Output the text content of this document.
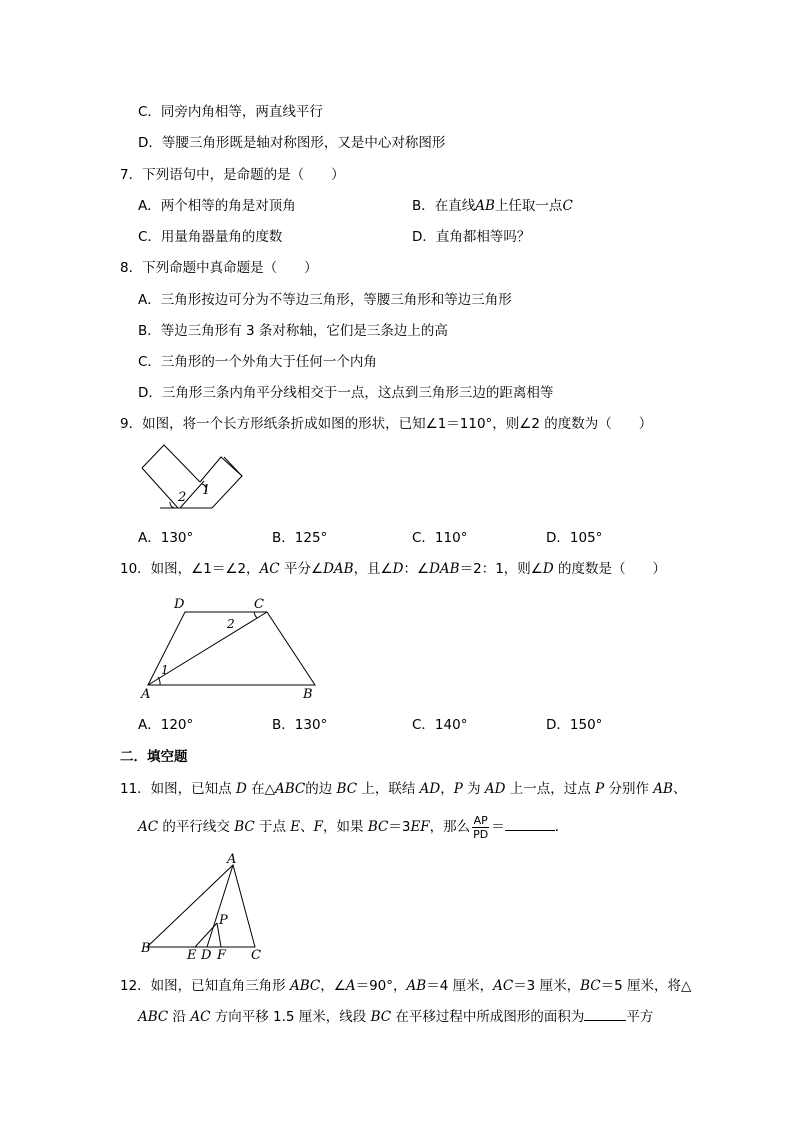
C．同旁内角相等，两直线平行
D．等腰三角形既是轴对称图形，又是中心对称图形
7．下列语句中，是命题的是（　　）
A．两个相等的角是对顶角	B．在直线AB上任取一点C
C．用量角器量角的度数	D．直角都相等吗？
8．下列命题中真命题是（　　）
A．三角形按边可分为不等边三角形，等腰三角形和等边三角形
B．等边三角形有 3 条对称轴，它们是三条边上的高
C．三角形的一个外角大于任何一个内角
D．三角形三条内角平分线相交于一点，这点到三角形三边的距离相等
9．如图，将一个长方形纸条折成如图的形状，已知∠1＝110°，则∠2 的度数为（　　）
1
2
A．130°	B．125°	C．110°	D．105°
10．如图，∠1＝∠2，AC 平分∠DAB，且∠D：∠DAB＝2：1，则∠D 的度数是（　　）
D	C
A	B
1
2
A．120°	B．130°	C．140°	D．150°
二．填空题
11．如图，已知点 D 在△ABC的边 BC 上，联结 AD，P 为 AD 上一点，过点 P 分别作 AB、
AC 的平行线交 BC 于点 E、F，如果 BC＝3EF，那么 $\frac{AP}{PD}$ ＝	．
A
P
B	E D F C
12．如图，已知直角三角形 ABC，∠A＝90°，AB＝4 厘米，AC＝3 厘米，BC＝5 厘米，将△
ABC 沿 AC 方向平移 1.5 厘米，线段 BC 在平移过程中所成图形的面积为	平方
